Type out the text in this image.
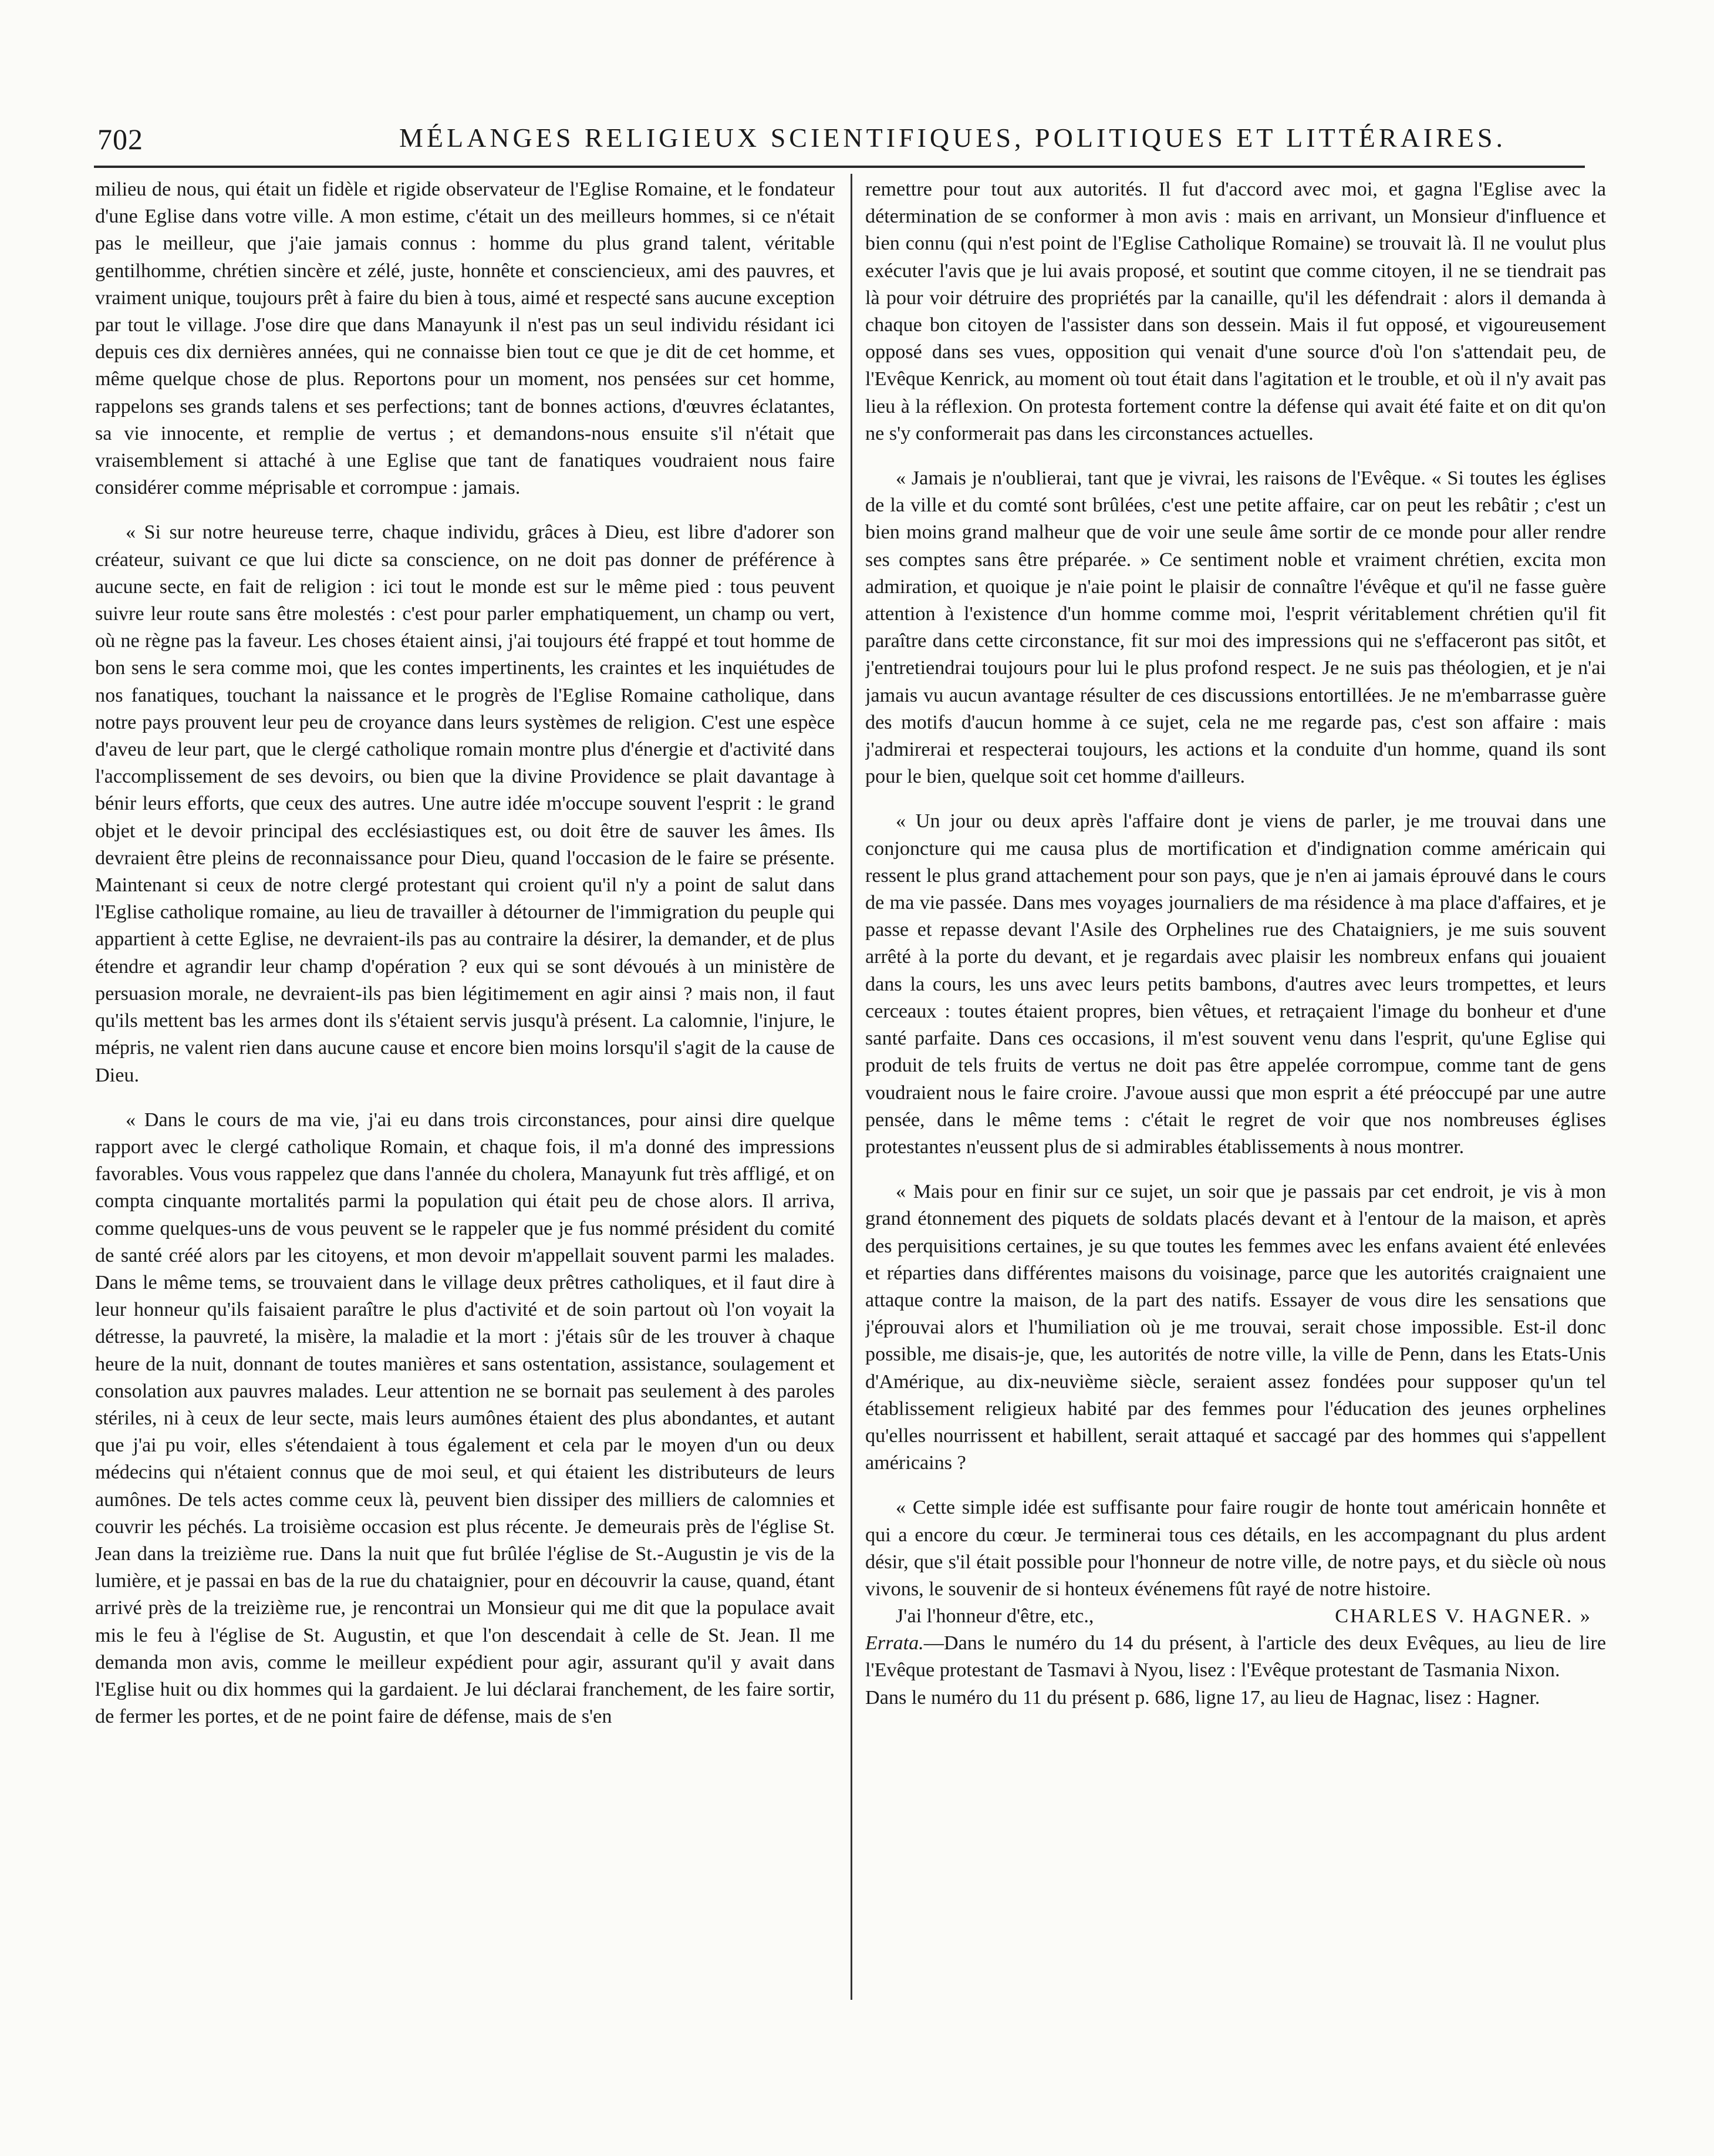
702	MÉLANGES RELIGIEUX SCIENTIFIQUES, POLITIQUES ET LITTÉRAIRES.

milieu de nous, qui était un fidèle et rigide observateur de l'Eglise Romaine, et le fondateur d'une Eglise dans votre ville. A mon estime, c'était un des meilleurs hommes, si ce n'était pas le meilleur, que j'aie jamais connus : homme du plus grand talent, véritable gentilhomme, chrétien sincère et zélé, juste, honnête et consciencieux, ami des pauvres, et vraiment unique, toujours prêt à faire du bien à tous, aimé et respecté sans aucune exception par tout le village. J'ose dire que dans Manayunk il n'est pas un seul individu résidant ici depuis ces dix dernières années, qui ne connaisse bien tout ce que je dit de cet homme, et même quelque chose de plus. Reportons pour un moment, nos pensées sur cet homme, rappelons ses grands talens et ses perfections; tant de bonnes actions, d'œuvres éclatantes, sa vie innocente, et remplie de vertus ; et demandons-nous ensuite s'il n'était que vraisemblement si attaché à une Eglise que tant de fanatiques voudraient nous faire considérer comme méprisable et corrompue : jamais.

« Si sur notre heureuse terre, chaque individu, grâces à Dieu, est libre d'adorer son créateur, suivant ce que lui dicte sa conscience, on ne doit pas donner de préférence à aucune secte, en fait de religion : ici tout le monde est sur le même pied : tous peuvent suivre leur route sans être molestés : c'est pour parler emphatiquement, un champ ou vert, où ne règne pas la faveur. Les choses étaient ainsi, j'ai toujours été frappé et tout homme de bon sens le sera comme moi, que les contes impertinents, les craintes et les inquiétudes de nos fanatiques, touchant la naissance et le progrès de l'Eglise Romaine catholique, dans notre pays prouvent leur peu de croyance dans leurs systèmes de religion. C'est une espèce d'aveu de leur part, que le clergé catholique romain montre plus d'énergie et d'activité dans l'accomplissement de ses devoirs, ou bien que la divine Providence se plait davantage à bénir leurs efforts, que ceux des autres. Une autre idée m'occupe souvent l'esprit : le grand objet et le devoir principal des ecclésiastiques est, ou doit être de sauver les âmes. Ils devraient être pleins de reconnaissance pour Dieu, quand l'occasion de le faire se présente. Maintenant si ceux de notre clergé protestant qui croient qu'il n'y a point de salut dans l'Eglise catholique romaine, au lieu de travailler à détourner de l'immigration du peuple qui appartient à cette Eglise, ne devraient-ils pas au contraire la désirer, la demander, et de plus étendre et agrandir leur champ d'opération ? eux qui se sont dévoués à un ministère de persuasion morale, ne devraient-ils pas bien légitimement en agir ainsi ? mais non, il faut qu'ils mettent bas les armes dont ils s'étaient servis jusqu'à présent. La calomnie, l'injure, le mépris, ne valent rien dans aucune cause et encore bien moins lorsqu'il s'agit de la cause de Dieu.

« Dans le cours de ma vie, j'ai eu dans trois circonstances, pour ainsi dire quelque rapport avec le clergé catholique Romain, et chaque fois, il m'a donné des impressions favorables. Vous vous rappelez que dans l'année du cholera, Manayunk fut très affligé, et on compta cinquante mortalités parmi la population qui était peu de chose alors. Il arriva, comme quelques-uns de vous peuvent se le rappeler que je fus nommé président du comité de santé créé alors par les citoyens, et mon devoir m'appellait souvent parmi les malades. Dans le même tems, se trouvaient dans le village deux prêtres catholiques, et il faut dire à leur honneur qu'ils faisaient paraître le plus d'activité et de soin partout où l'on voyait la détresse, la pauvreté, la misère, la maladie et la mort : j'étais sûr de les trouver à chaque heure de la nuit, donnant de toutes manières et sans ostentation, assistance, soulagement et consolation aux pauvres malades. Leur attention ne se bornait pas seulement à des paroles stériles, ni à ceux de leur secte, mais leurs aumônes étaient des plus abondantes, et autant que j'ai pu voir, elles s'étendaient à tous également et cela par le moyen d'un ou deux médecins qui n'étaient connus que de moi seul, et qui étaient les distributeurs de leurs aumônes. De tels actes comme ceux là, peuvent bien dissiper des milliers de calomnies et couvrir les péchés. La troisième occasion est plus récente. Je demeurais près de l'église St. Jean dans la treizième rue. Dans la nuit que fut brûlée l'église de St.-Augustin je vis de la lumière, et je passai en bas de la rue du chataignier, pour en découvrir la cause, quand, étant arrivé près de la treizième rue, je rencontrai un Monsieur qui me dit que la populace avait mis le feu à l'église de St. Augustin, et que l'on descendait à celle de St. Jean. Il me demanda mon avis, comme le meilleur expédient pour agir, assurant qu'il y avait dans l'Eglise huit ou dix hommes qui la gardaient. Je lui déclarai franchement, de les faire sortir, de fermer les portes, et de ne point faire de défense, mais de s'en

remettre pour tout aux autorités. Il fut d'accord avec moi, et gagna l'Eglise avec la détermination de se conformer à mon avis : mais en arrivant, un Monsieur d'influence et bien connu (qui n'est point de l'Eglise Catholique Romaine) se trouvait là. Il ne voulut plus exécuter l'avis que je lui avais proposé, et soutint que comme citoyen, il ne se tiendrait pas là pour voir détruire des propriétés par la canaille, qu'il les défendrait : alors il demanda à chaque bon citoyen de l'assister dans son dessein. Mais il fut opposé, et vigoureusement opposé dans ses vues, opposition qui venait d'une source d'où l'on s'attendait peu, de l'Evêque Kenrick, au moment où tout était dans l'agitation et le trouble, et où il n'y avait pas lieu à la réflexion. On protesta fortement contre la défense qui avait été faite et on dit qu'on ne s'y conformerait pas dans les circonstances actuelles.

« Jamais je n'oublierai, tant que je vivrai, les raisons de l'Evêque. « Si toutes les églises de la ville et du comté sont brûlées, c'est une petite affaire, car on peut les rebâtir ; c'est un bien moins grand malheur que de voir une seule âme sortir de ce monde pour aller rendre ses comptes sans être préparée. » Ce sentiment noble et vraiment chrétien, excita mon admiration, et quoique je n'aie point le plaisir de connaître l'évêque et qu'il ne fasse guère attention à l'existence d'un homme comme moi, l'esprit véritablement chrétien qu'il fit paraître dans cette circonstance, fit sur moi des impressions qui ne s'effaceront pas sitôt, et j'entretiendrai toujours pour lui le plus profond respect. Je ne suis pas théologien, et je n'ai jamais vu aucun avantage résulter de ces discussions entortillées. Je ne m'embarrasse guère des motifs d'aucun homme à ce sujet, cela ne me regarde pas, c'est son affaire : mais j'admirerai et respecterai toujours, les actions et la conduite d'un homme, quand ils sont pour le bien, quelque soit cet homme d'ailleurs.

« Un jour ou deux après l'affaire dont je viens de parler, je me trouvai dans une conjoncture qui me causa plus de mortification et d'indignation comme américain qui ressent le plus grand attachement pour son pays, que je n'en ai jamais éprouvé dans le cours de ma vie passée. Dans mes voyages journaliers de ma résidence à ma place d'affaires, et je passe et repasse devant l'Asile des Orphelines rue des Chataigniers, je me suis souvent arrêté à la porte du devant, et je regardais avec plaisir les nombreux enfans qui jouaient dans la cours, les uns avec leurs petits bambons, d'autres avec leurs trompettes, et leurs cerceaux : toutes étaient propres, bien vêtues, et retraçaient l'image du bonheur et d'une santé parfaite. Dans ces occasions, il m'est souvent venu dans l'esprit, qu'une Eglise qui produit de tels fruits de vertus ne doit pas être appelée corrompue, comme tant de gens voudraient nous le faire croire. J'avoue aussi que mon esprit a été préoccupé par une autre pensée, dans le même tems : c'était le regret de voir que nos nombreuses églises protestantes n'eussent plus de si admirables établissements à nous montrer.

« Mais pour en finir sur ce sujet, un soir que je passais par cet endroit, je vis à mon grand étonnement des piquets de soldats placés devant et à l'entour de la maison, et après des perquisitions certaines, je su que toutes les femmes avec les enfans avaient été enlevées et réparties dans différentes maisons du voisinage, parce que les autorités craignaient une attaque contre la maison, de la part des natifs. Essayer de vous dire les sensations que j'éprouvai alors et l'humiliation où je me trouvai, serait chose impossible. Est-il donc possible, me disais-je, que, les autorités de notre ville, la ville de Penn, dans les Etats-Unis d'Amérique, au dix-neuvième siècle, seraient assez fondées pour supposer qu'un tel établissement religieux habité par des femmes pour l'éducation des jeunes orphelines qu'elles nourrissent et habillent, serait attaqué et saccagé par des hommes qui s'appellent américains ?

« Cette simple idée est suffisante pour faire rougir de honte tout américain honnête et qui a encore du cœur. Je terminerai tous ces détails, en les accompagnant du plus ardent désir, que s'il était possible pour l'honneur de notre ville, de notre pays, et du siècle où nous vivons, le souvenir de si honteux événemens fût rayé de notre histoire.

J'ai l'honneur d'être, etc.,	CHARLES V. HAGNER. »

Errata.—Dans le numéro du 14 du présent, à l'article des deux Evêques, au lieu de lire l'Evêque protestant de Tasmavi à Nyou, lisez : l'Evêque protestant de Tasmania Nixon.

Dans le numéro du 11 du présent p. 686, ligne 17, au lieu de Hagnac, lisez : Hagner.
